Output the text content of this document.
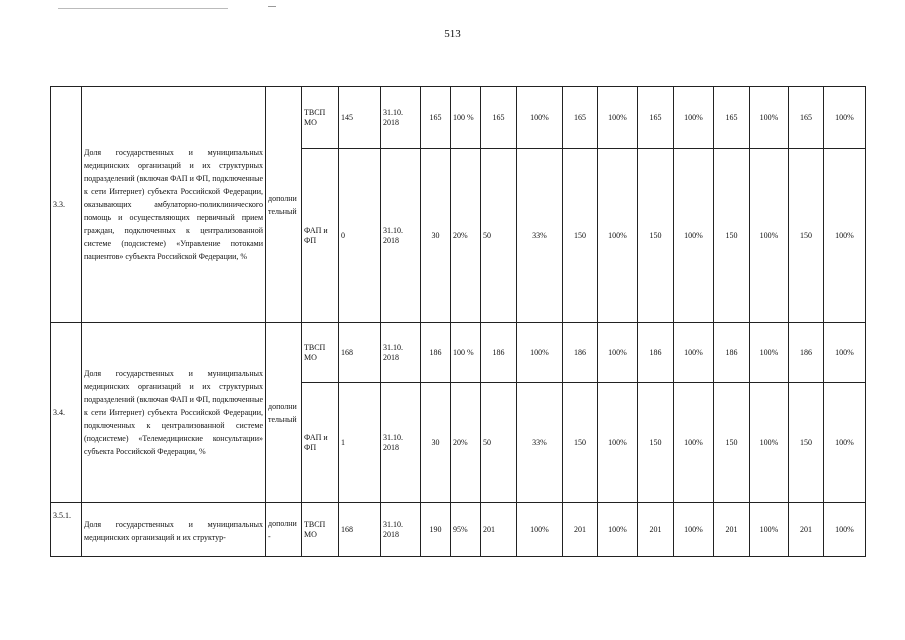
513
3.3.	Доля государственных и муниципальных медицинских организаций и их структурных подразделений (включая ФАП и ФП, подключенные к сети Интернет) субъекта Российской Федерации, оказывающих амбулаторно-поликлинического помощь и осуществляющих первичный прием граждан, подключенных к централизованной системе (подсистеме) «Управление потоками пациентов» субъекта Российской Федерации, %	дополнительный	ТВСП МО	145	31.10. 2018	165	100 %	165	100%	165	100%	165	100%	165	100%	165	100%
			ФАП и ФП	0	31.10. 2018	30	20%	50	33%	150	100%	150	100%	150	100%	150	100%
3.4.	Доля государственных и муниципальных медицинских организаций и их структурных подразделений (включая ФАП и ФП, подключенные к сети Интернет) субъекта Российской Федерации, подключенных к централизованной системе (подсистеме) «Телемедицинские консультации» субъекта Российской Федерации, %	дополнительный	ТВСП МО	168	31.10. 2018	186	100 %	186	100%	186	100%	186	100%	186	100%	186	100%
			ФАП и ФП	1	31.10. 2018	30	20%	50	33%	150	100%	150	100%	150	100%	150	100%
3.5.1.	Доля государственных и муниципальных медицинских организаций и их структур-	дополни-	ТВСП МО	168	31.10. 2018	190	95%	201	100%	201	100%	201	100%	201	100%	201	100%
